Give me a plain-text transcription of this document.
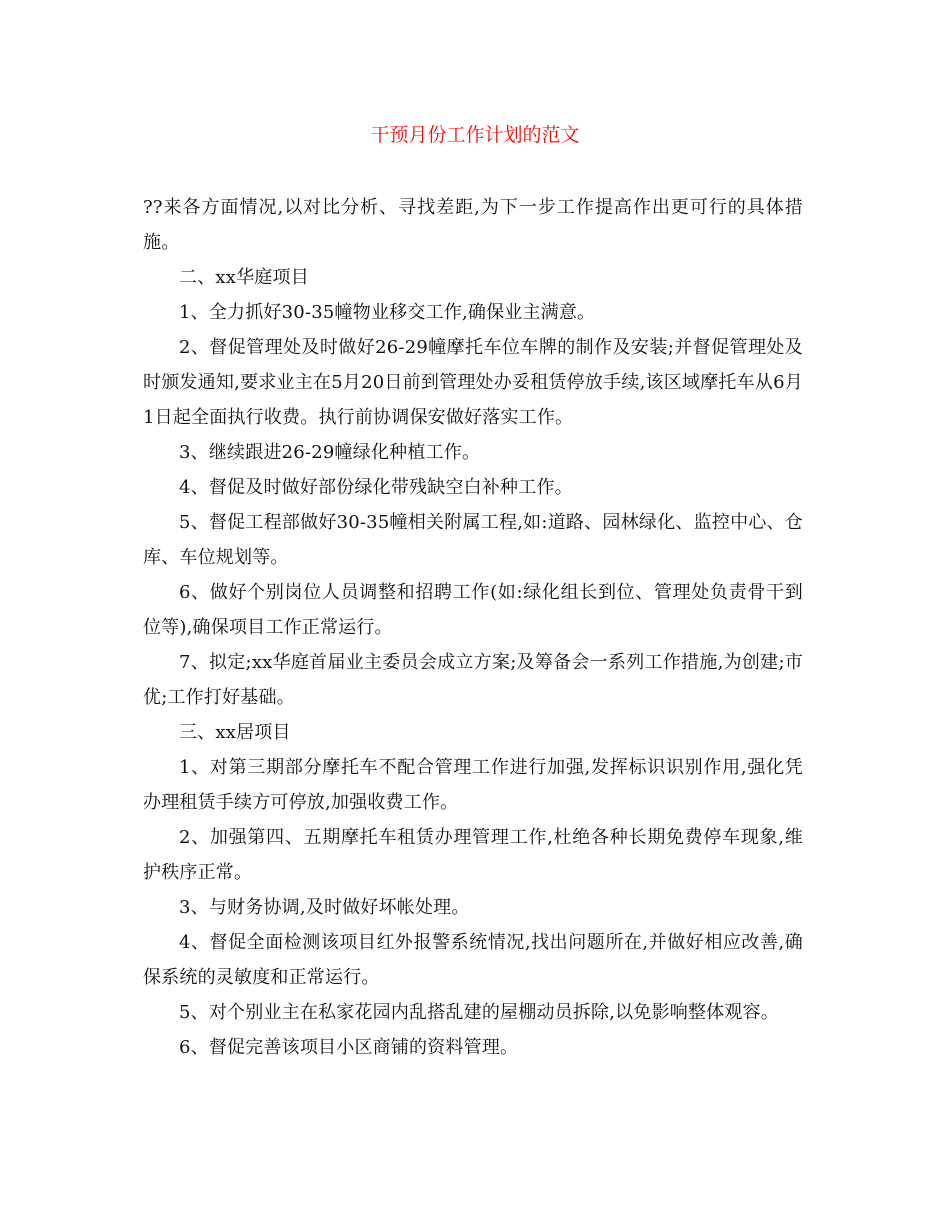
干预月份工作计划的范文

??来各方面情况,以对比分析、寻找差距,为下一步工作提高作出更可行的具体措施。

二、xx华庭项目

1、全力抓好30-35幢物业移交工作,确保业主满意。

2、督促管理处及时做好26-29幢摩托车位车牌的制作及安装;并督促管理处及时颁发通知,要求业主在5月20日前到管理处办妥租赁停放手续,该区域摩托车从6月1日起全面执行收费。执行前协调保安做好落实工作。

3、继续跟进26-29幢绿化种植工作。

4、督促及时做好部份绿化带残缺空白补种工作。

5、督促工程部做好30-35幢相关附属工程,如:道路、园林绿化、监控中心、仓库、车位规划等。

6、做好个别岗位人员调整和招聘工作(如:绿化组长到位、管理处负责骨干到位等),确保项目工作正常运行。

7、拟定;xx华庭首届业主委员会成立方案;及筹备会一系列工作措施,为创建;市优;工作打好基础。

三、xx居项目

1、对第三期部分摩托车不配合管理工作进行加强,发挥标识识别作用,强化凭办理租赁手续方可停放,加强收费工作。

2、加强第四、五期摩托车租赁办理管理工作,杜绝各种长期免费停车现象,维护秩序正常。

3、与财务协调,及时做好坏帐处理。

4、督促全面检测该项目红外报警系统情况,找出问题所在,并做好相应改善,确保系统的灵敏度和正常运行。

5、对个别业主在私家花园内乱搭乱建的屋棚动员拆除,以免影响整体观容。

6、督促完善该项目小区商铺的资料管理。
